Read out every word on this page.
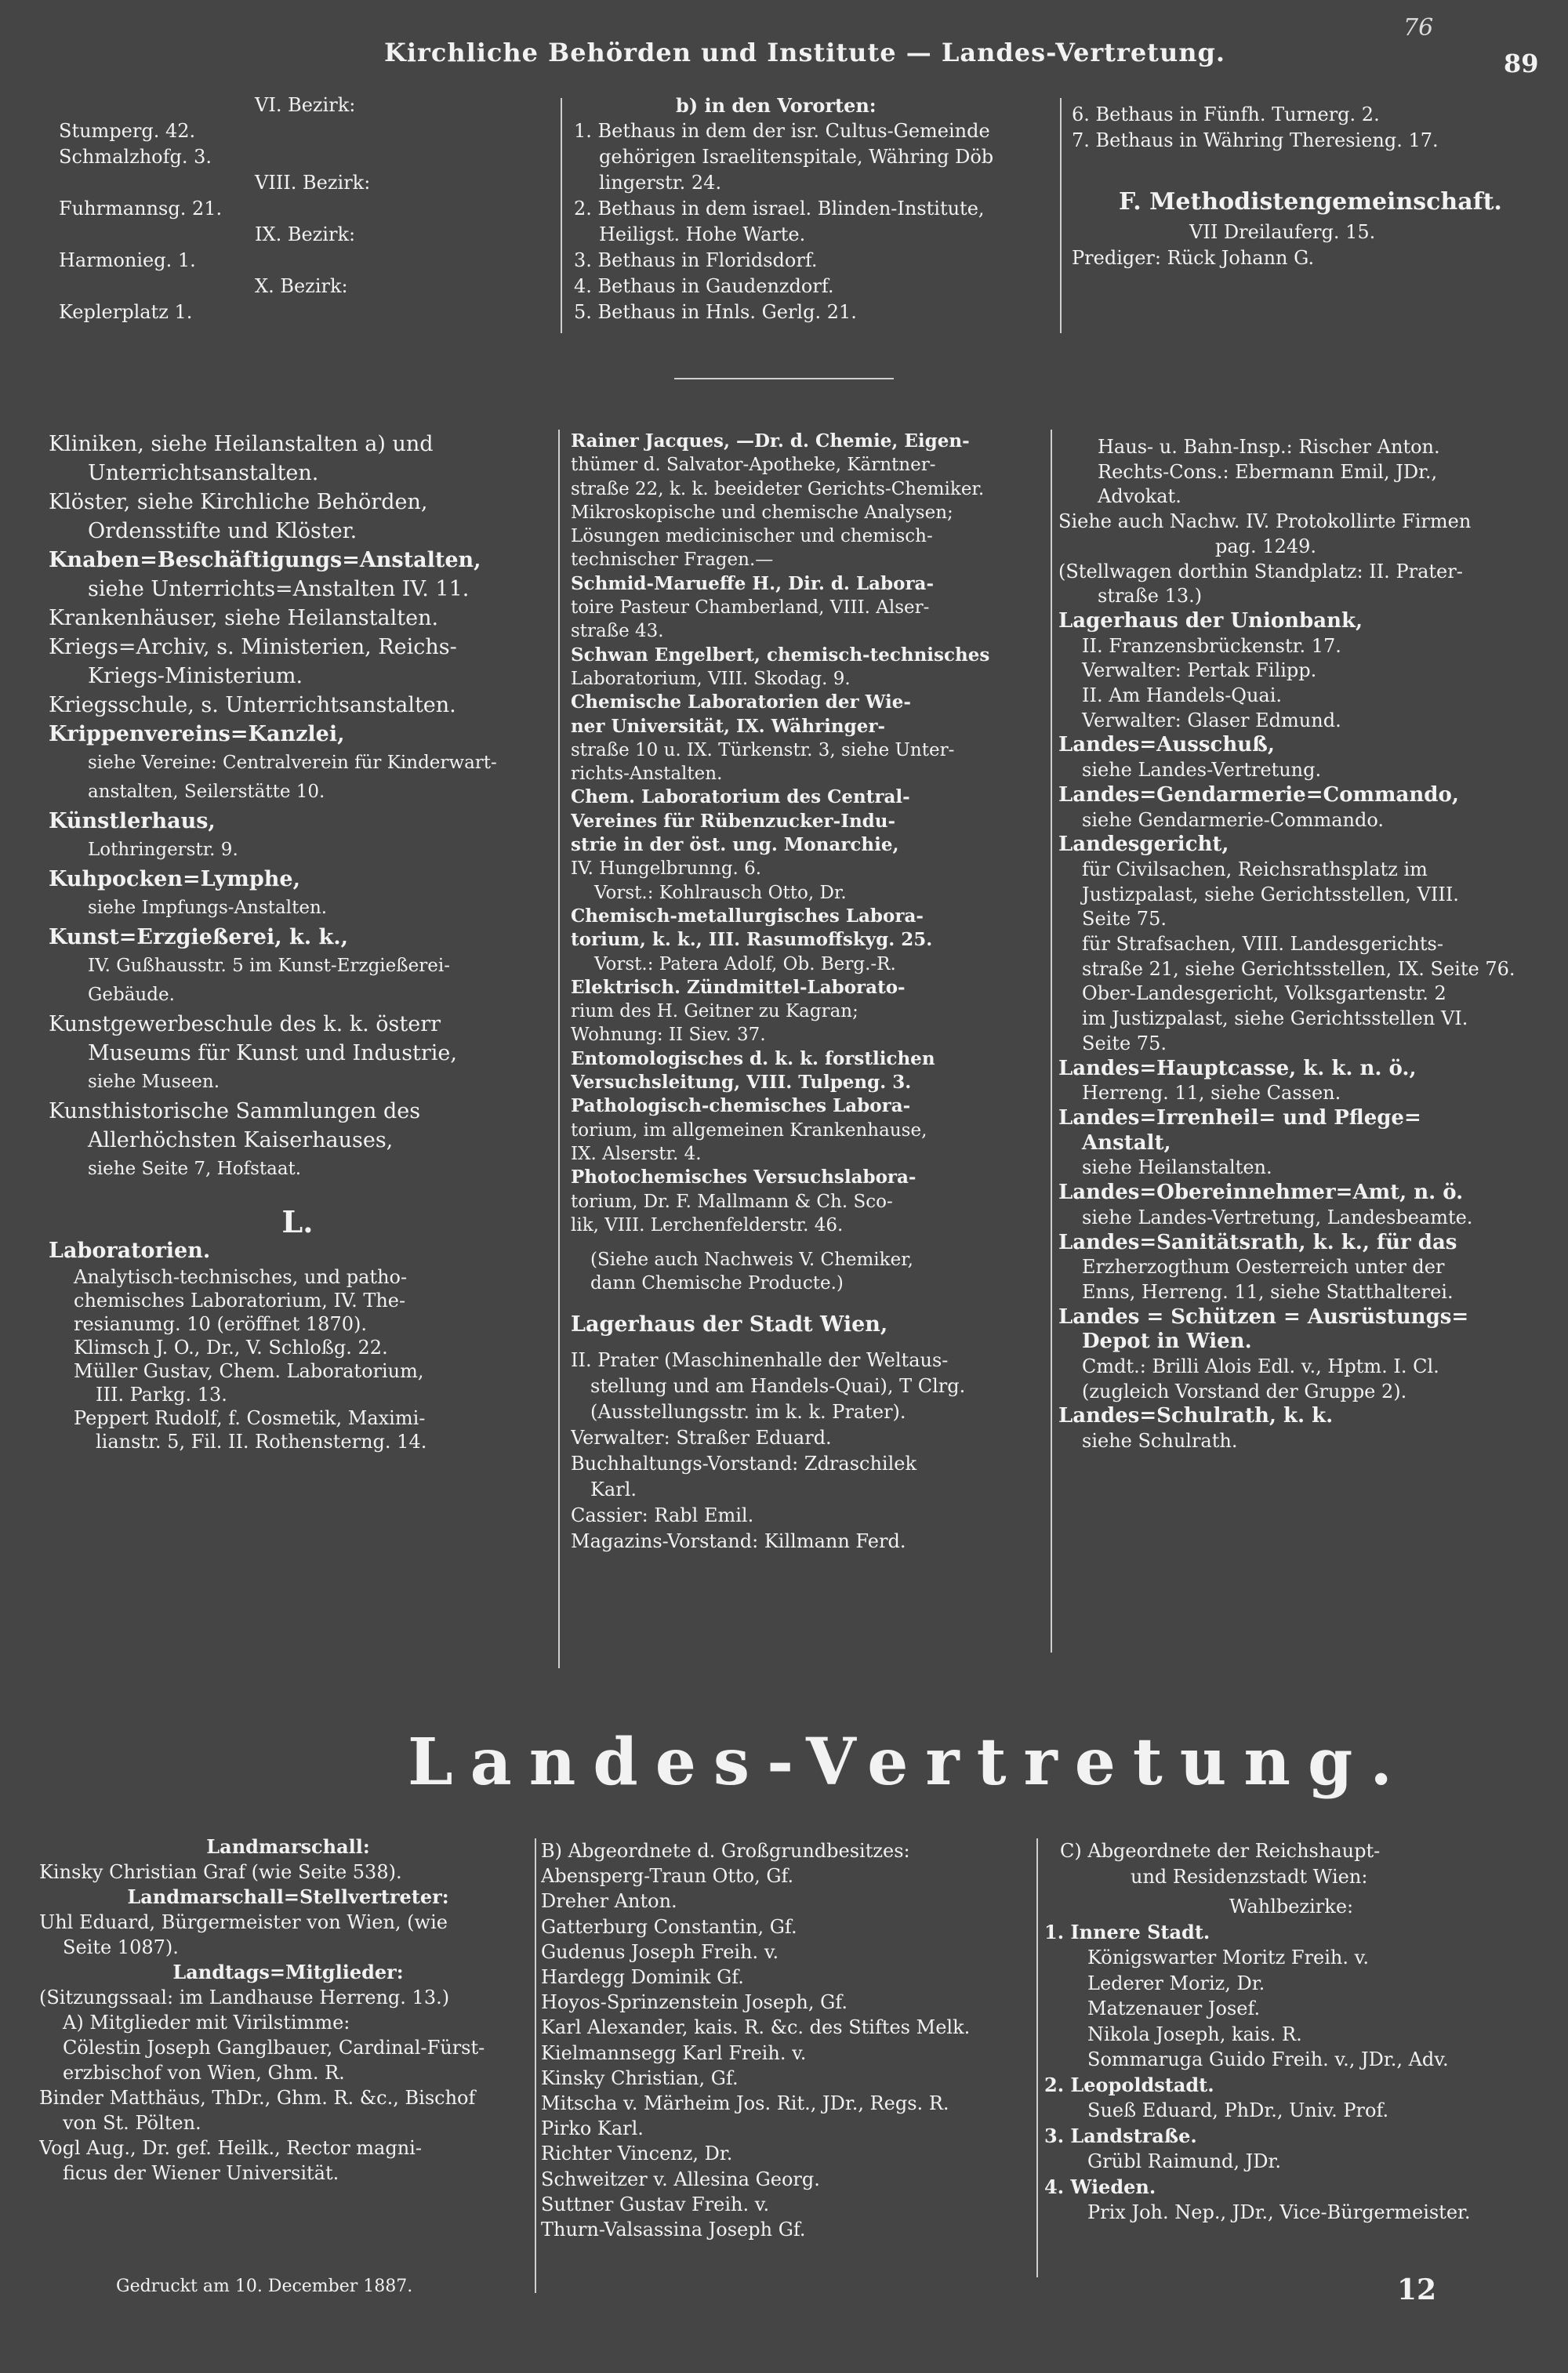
Kirchliche Behörden und Institute — Landes-Vertretung.	89
76
VI. Bezirk:
Stumperg. 42.
Schmalzhofg. 3.
VIII. Bezirk:
Fuhrmannsg. 21.
IX. Bezirk:
Harmonieg. 1.
X. Bezirk:
Keplerplatz 1.
b) in den Vororten:
1. Bethaus in dem der isr. Cultus-Gemeinde
gehörigen Israelitenspitale, Währing Döb
lingerstr. 24.
2. Bethaus in dem israel. Blinden-Institute,
Heiligst. Hohe Warte.
3. Bethaus in Floridsdorf.
4. Bethaus in Gaudenzdorf.
5. Bethaus in Hnls. Gerlg. 21.
6. Bethaus in Fünfh. Turnerg. 2.
7. Bethaus in Währing Theresieng. 17.
F. Methodistengemeinschaft.
VII Dreilauferg. 15.
Prediger: Rück Johann G.
Kliniken, siehe Heilanstalten a) und
Unterrichtsanstalten.
Klöster, siehe Kirchliche Behörden,
Ordensstifte und Klöster.
Knaben=Beschäftigungs=Anstalten,
siehe Unterrichts=Anstalten IV. 11.
Krankenhäuser, siehe Heilanstalten.
Kriegs=Archiv, s. Ministerien, Reichs-
Kriegs-Ministerium.
Kriegsschule, s. Unterrichtsanstalten.
Krippenvereins=Kanzlei,
siehe Vereine: Centralverein für Kinderwart-
anstalten, Seilerstätte 10.
Künstlerhaus,
Lothringerstr. 9.
Kuhpocken=Lymphe,
siehe Impfungs-Anstalten.
Kunst=Erzgießerei, k. k.,
IV. Gußhausstr. 5 im Kunst-Erzgießerei-
Gebäude.
Kunstgewerbeschule des k. k. österr
Museums für Kunst und Industrie,
siehe Museen.
Kunsthistorische Sammlungen des
Allerhöchsten Kaiserhauses,
siehe Seite 7, Hofstaat.
L.
Laboratorien.
Analytisch-technisches, und patho-
chemisches Laboratorium, IV. The-
resianumg. 10 (eröffnet 1870).
Klimsch J. O., Dr., V. Schloßg. 22.
Müller Gustav, Chem. Laboratorium,
III. Parkg. 13.
Peppert Rudolf, f. Cosmetik, Maximi-
lianstr. 5, Fil. II. Rothensterng. 14.
Rainer Jacques, —Dr. d. Chemie, Eigen-
thümer d. Salvator-Apotheke, Kärntner-
straße 22, k. k. beeideter Gerichts-Chemiker.
Mikroskopische und chemische Analysen;
Lösungen medicinischer und chemisch-
technischer Fragen.—
Schmid-Marueffe H., Dir. d. Labora-
toire Pasteur Chamberland, VIII. Alser-
straße 43.
Schwan Engelbert, chemisch-technisches
Laboratorium, VIII. Skodag. 9.
Chemische Laboratorien der Wie-
ner Universität, IX. Währinger-
straße 10 u. IX. Türkenstr. 3, siehe Unter-
richts-Anstalten.
Chem. Laboratorium des Central-
Vereines für Rübenzucker-Indu-
strie in der öst. ung. Monarchie,
IV. Hungelbrunng. 6.
Vorst.: Kohlrausch Otto, Dr.
Chemisch-metallurgisches Labora-
torium, k. k., III. Rasumoffskyg. 25.
Vorst.: Patera Adolf, Ob. Berg.-R.
Elektrisch. Zündmittel-Laborato-
rium des H. Geitner zu Kagran;
Wohnung: II Siev. 37.
Entomologisches d. k. k. forstlichen
Versuchsleitung, VIII. Tulpeng. 3.
Pathologisch-chemisches Labora-
torium, im allgemeinen Krankenhause,
IX. Alserstr. 4.
Photochemisches Versuchslabora-
torium, Dr. F. Mallmann & Ch. Sco-
lik, VIII. Lerchenfelderstr. 46.
(Siehe auch Nachweis V. Chemiker,
dann Chemische Producte.)
Lagerhaus der Stadt Wien,
II. Prater (Maschinenhalle der Weltaus-
stellung und am Handels-Quai), T Clrg.
(Ausstellungsstr. im k. k. Prater).
Verwalter: Straßer Eduard.
Buchhaltungs-Vorstand: Zdraschilek
Karl.
Cassier: Rabl Emil.
Magazins-Vorstand: Killmann Ferd.
Haus- u. Bahn-Insp.: Rischer Anton.
Rechts-Cons.: Ebermann Emil, JDr.,
Advokat.
Siehe auch Nachw. IV. Protokollirte Firmen
pag. 1249.
(Stellwagen dorthin Standplatz: II. Prater-
straße 13.)
Lagerhaus der Unionbank,
II. Franzensbrückenstr. 17.
Verwalter: Pertak Filipp.
II. Am Handels-Quai.
Verwalter: Glaser Edmund.
Landes=Ausschuß,
siehe Landes-Vertretung.
Landes=Gendarmerie=Commando,
siehe Gendarmerie-Commando.
Landesgericht,
für Civilsachen, Reichsrathsplatz im
Justizpalast, siehe Gerichtsstellen, VIII.
Seite 75.
für Strafsachen, VIII. Landesgerichts-
straße 21, siehe Gerichtsstellen, IX. Seite 76.
Ober-Landesgericht, Volksgartenstr. 2
im Justizpalast, siehe Gerichtsstellen VI.
Seite 75.
Landes=Hauptcasse, k. k. n. ö.,
Herreng. 11, siehe Cassen.
Landes=Irrenheil= und Pflege=
Anstalt,
siehe Heilanstalten.
Landes=Obereinnehmer=Amt, n. ö.
siehe Landes-Vertretung, Landesbeamte.
Landes=Sanitätsrath, k. k., für das
Erzherzogthum Oesterreich unter der
Enns, Herreng. 11, siehe Statthalterei.
Landes = Schützen = Ausrüstungs=
Depot in Wien.
Cmdt.: Brilli Alois Edl. v., Hptm. I. Cl.
(zugleich Vorstand der Gruppe 2).
Landes=Schulrath, k. k.
siehe Schulrath.
Landes-Vertretung.
Landmarschall:
Kinsky Christian Graf (wie Seite 538).
Landmarschall=Stellvertreter:
Uhl Eduard, Bürgermeister von Wien, (wie
Seite 1087).
Landtags=Mitglieder:
(Sitzungssaal: im Landhause Herreng. 13.)
A) Mitglieder mit Virilstimme:
Cölestin Joseph Ganglbauer, Cardinal-Fürst-
erzbischof von Wien, Ghm. R.
Binder Matthäus, ThDr., Ghm. R. &c., Bischof
von St. Pölten.
Vogl Aug., Dr. gef. Heilk., Rector magni-
ficus der Wiener Universität.
B) Abgeordnete d. Großgrundbesitzes:
Abensperg-Traun Otto, Gf.
Dreher Anton.
Gatterburg Constantin, Gf.
Gudenus Joseph Freih. v.
Hardegg Dominik Gf.
Hoyos-Sprinzenstein Joseph, Gf.
Karl Alexander, kais. R. &c. des Stiftes Melk.
Kielmannsegg Karl Freih. v.
Kinsky Christian, Gf.
Mitscha v. Märheim Jos. Rit., JDr., Regs. R.
Pirko Karl.
Richter Vincenz, Dr.
Schweitzer v. Allesina Georg.
Suttner Gustav Freih. v.
Thurn-Valsassina Joseph Gf.
C) Abgeordnete der Reichshaupt-
und Residenzstadt Wien:
Wahlbezirke:
1. Innere Stadt.
Königswarter Moritz Freih. v.
Lederer Moriz, Dr.
Matzenauer Josef.
Nikola Joseph, kais. R.
Sommaruga Guido Freih. v., JDr., Adv.
2. Leopoldstadt.
Sueß Eduard, PhDr., Univ. Prof.
3. Landstraße.
Grübl Raimund, JDr.
4. Wieden.
Prix Joh. Nep., JDr., Vice-Bürgermeister.
Gedruckt am 10. December 1887.	12
